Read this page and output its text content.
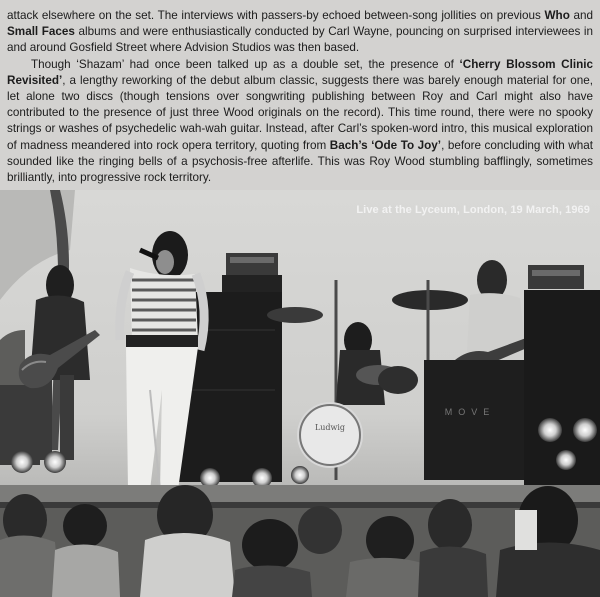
attack elsewhere on the set. The interviews with passers-by echoed between-song jollities on previous Who and Small Faces albums and were enthusiastically conducted by Carl Wayne, pouncing on surprised interviewees in and around Gosfield Street where Advision Studios was then based.

Though ‘Shazam’ had once been talked up as a double set, the presence of ‘Cherry Blossom Clinic Revisited’, a lengthy reworking of the debut album classic, suggests there was barely enough material for one, let alone two discs (though tensions over songwriting publishing between Roy and Carl might also have contributed to the presence of just three Wood originals on the record). This time round, there were no spooky strings or washes of psychedelic wah-wah guitar. Instead, after Carl’s spoken-word intro, this musical exploration of madness meandered into rock opera territory, quoting from Bach’s ‘Ode To Joy’, before concluding with what sounded like the ringing bells of a psychosis-free afterlife. This was Roy Wood stumbling bafflingly, sometimes brilliantly, into progressive rock territory.

Ludwig
MOVE
Live at the Lyceum, London, 19 March, 1969
